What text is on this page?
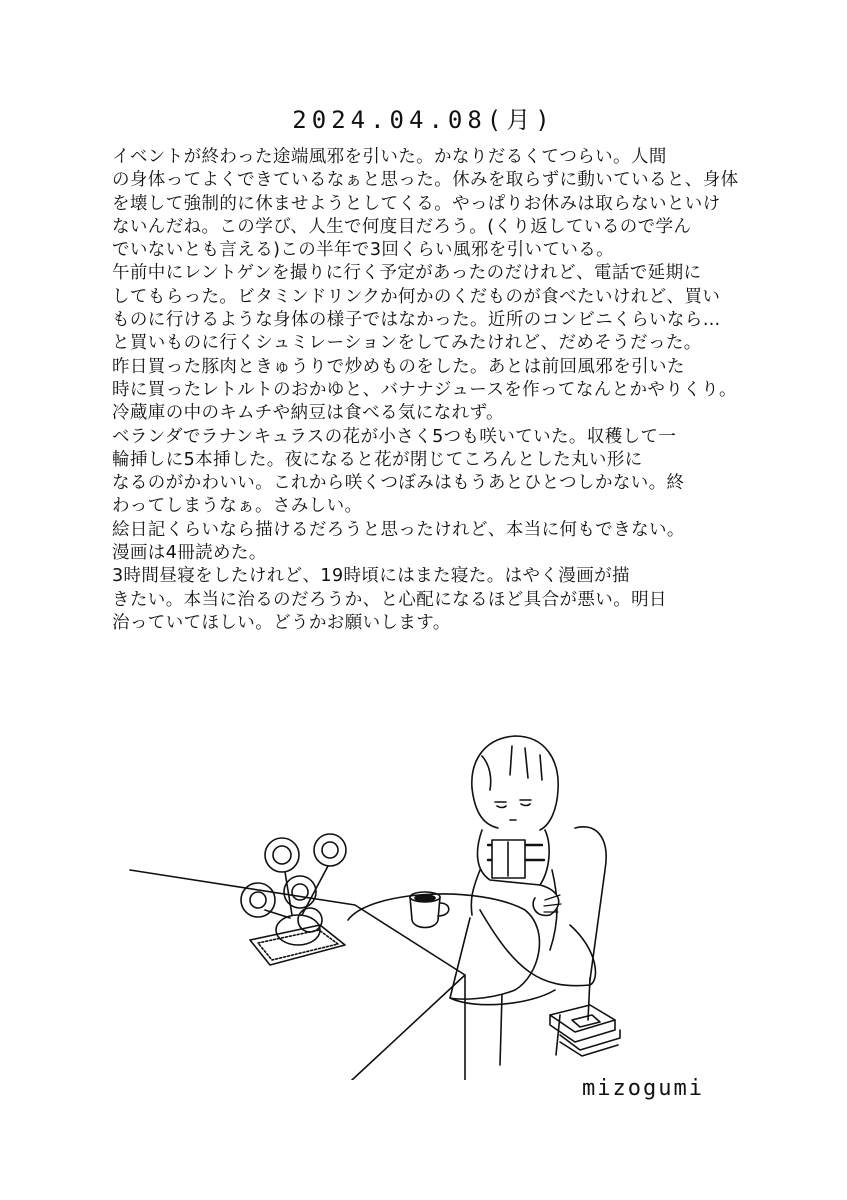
2024.04.08(月)

イベントが終わった途端風邪を引いた。かなりだるくてつらい。人間

の身体ってよくできているなぁと思った。休みを取らずに動いていると、身体

を壊して強制的に休ませようとしてくる。やっぱりお休みは取らないといけ

ないんだね。この学び、人生で何度目だろう。(くり返しているので学ん

でいないとも言える)この半年で3回くらい風邪を引いている。

午前中にレントゲンを撮りに行く予定があったのだけれど、電話で延期に

してもらった。ビタミンドリンクか何かのくだものが食べたいけれど、買い

ものに行けるような身体の様子ではなかった。近所のコンビニくらいなら…

と買いものに行くシュミレーションをしてみたけれど、だめそうだった。

昨日買った豚肉ときゅうりで炒めものをした。あとは前回風邪を引いた

時に買ったレトルトのおかゆと、バナナジュースを作ってなんとかやりくり。

冷蔵庫の中のキムチや納豆は食べる気になれず。

ベランダでラナンキュラスの花が小さく5つも咲いていた。収穫して一

輪挿しに5本挿した。夜になると花が閉じてころんとした丸い形に

なるのがかわいい。これから咲くつぼみはもうあとひとつしかない。終

わってしまうなぁ。さみしい。

絵日記くらいなら描けるだろうと思ったけれど、本当に何もできない。

漫画は4冊読めた。

3時間昼寝をしたけれど、19時頃にはまた寝た。はやく漫画が描

きたい。本当に治るのだろうか、と心配になるほど具合が悪い。明日

治っていてほしい。どうかお願いします。

mizogumi
